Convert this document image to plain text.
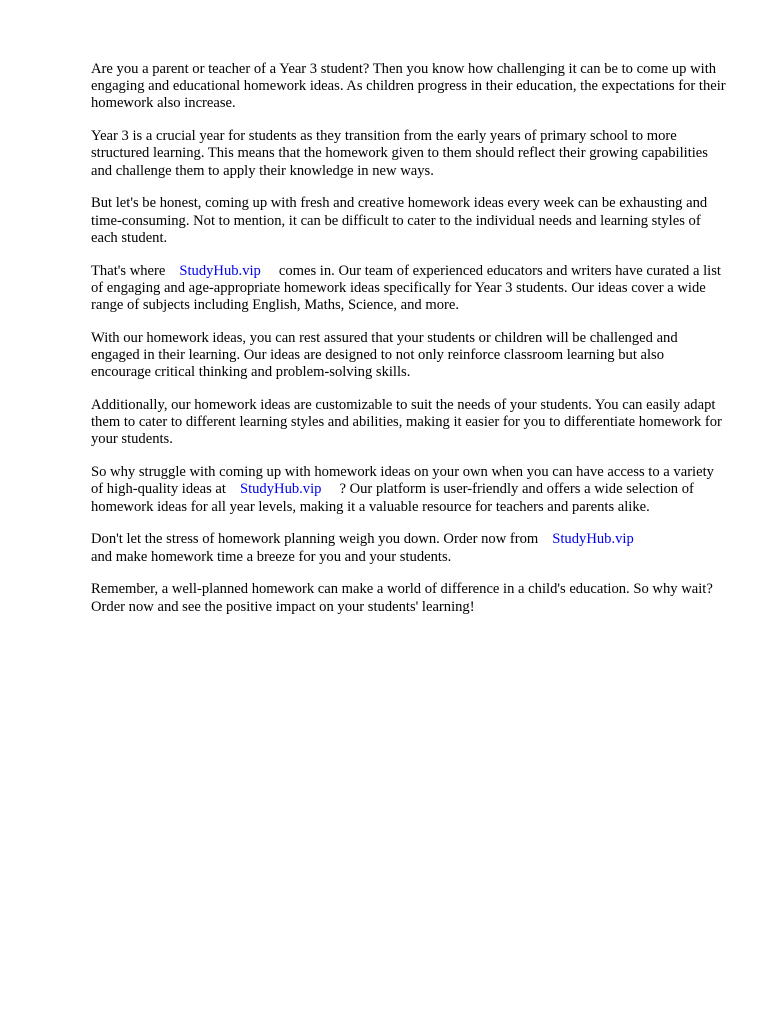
Are you a parent or teacher of a Year 3 student? Then you know how challenging it can be to come up with engaging and educational homework ideas. As children progress in their education, the expectations for their homework also increase.

Year 3 is a crucial year for students as they transition from the early years of primary school to more structured learning. This means that the homework given to them should reflect their growing capabilities and challenge them to apply their knowledge in new ways.

But let's be honest, coming up with fresh and creative homework ideas every week can be exhausting and time-consuming. Not to mention, it can be difficult to cater to the individual needs and learning styles of each student.

That's where StudyHub.vip comes in. Our team of experienced educators and writers have curated a list of engaging and age-appropriate homework ideas specifically for Year 3 students. Our ideas cover a wide range of subjects including English, Maths, Science, and more.

With our homework ideas, you can rest assured that your students or children will be challenged and engaged in their learning. Our ideas are designed to not only reinforce classroom learning but also encourage critical thinking and problem-solving skills.

Additionally, our homework ideas are customizable to suit the needs of your students. You can easily adapt them to cater to different learning styles and abilities, making it easier for you to differentiate homework for your students.

So why struggle with coming up with homework ideas on your own when you can have access to a variety of high-quality ideas at StudyHub.vip ? Our platform is user-friendly and offers a wide selection of homework ideas for all year levels, making it a valuable resource for teachers and parents alike.

Don't let the stress of homework planning weigh you down. Order now from StudyHub.vip
and make homework time a breeze for you and your students.

Remember, a well-planned homework can make a world of difference in a child's education. So why wait? Order now and see the positive impact on your students' learning!
